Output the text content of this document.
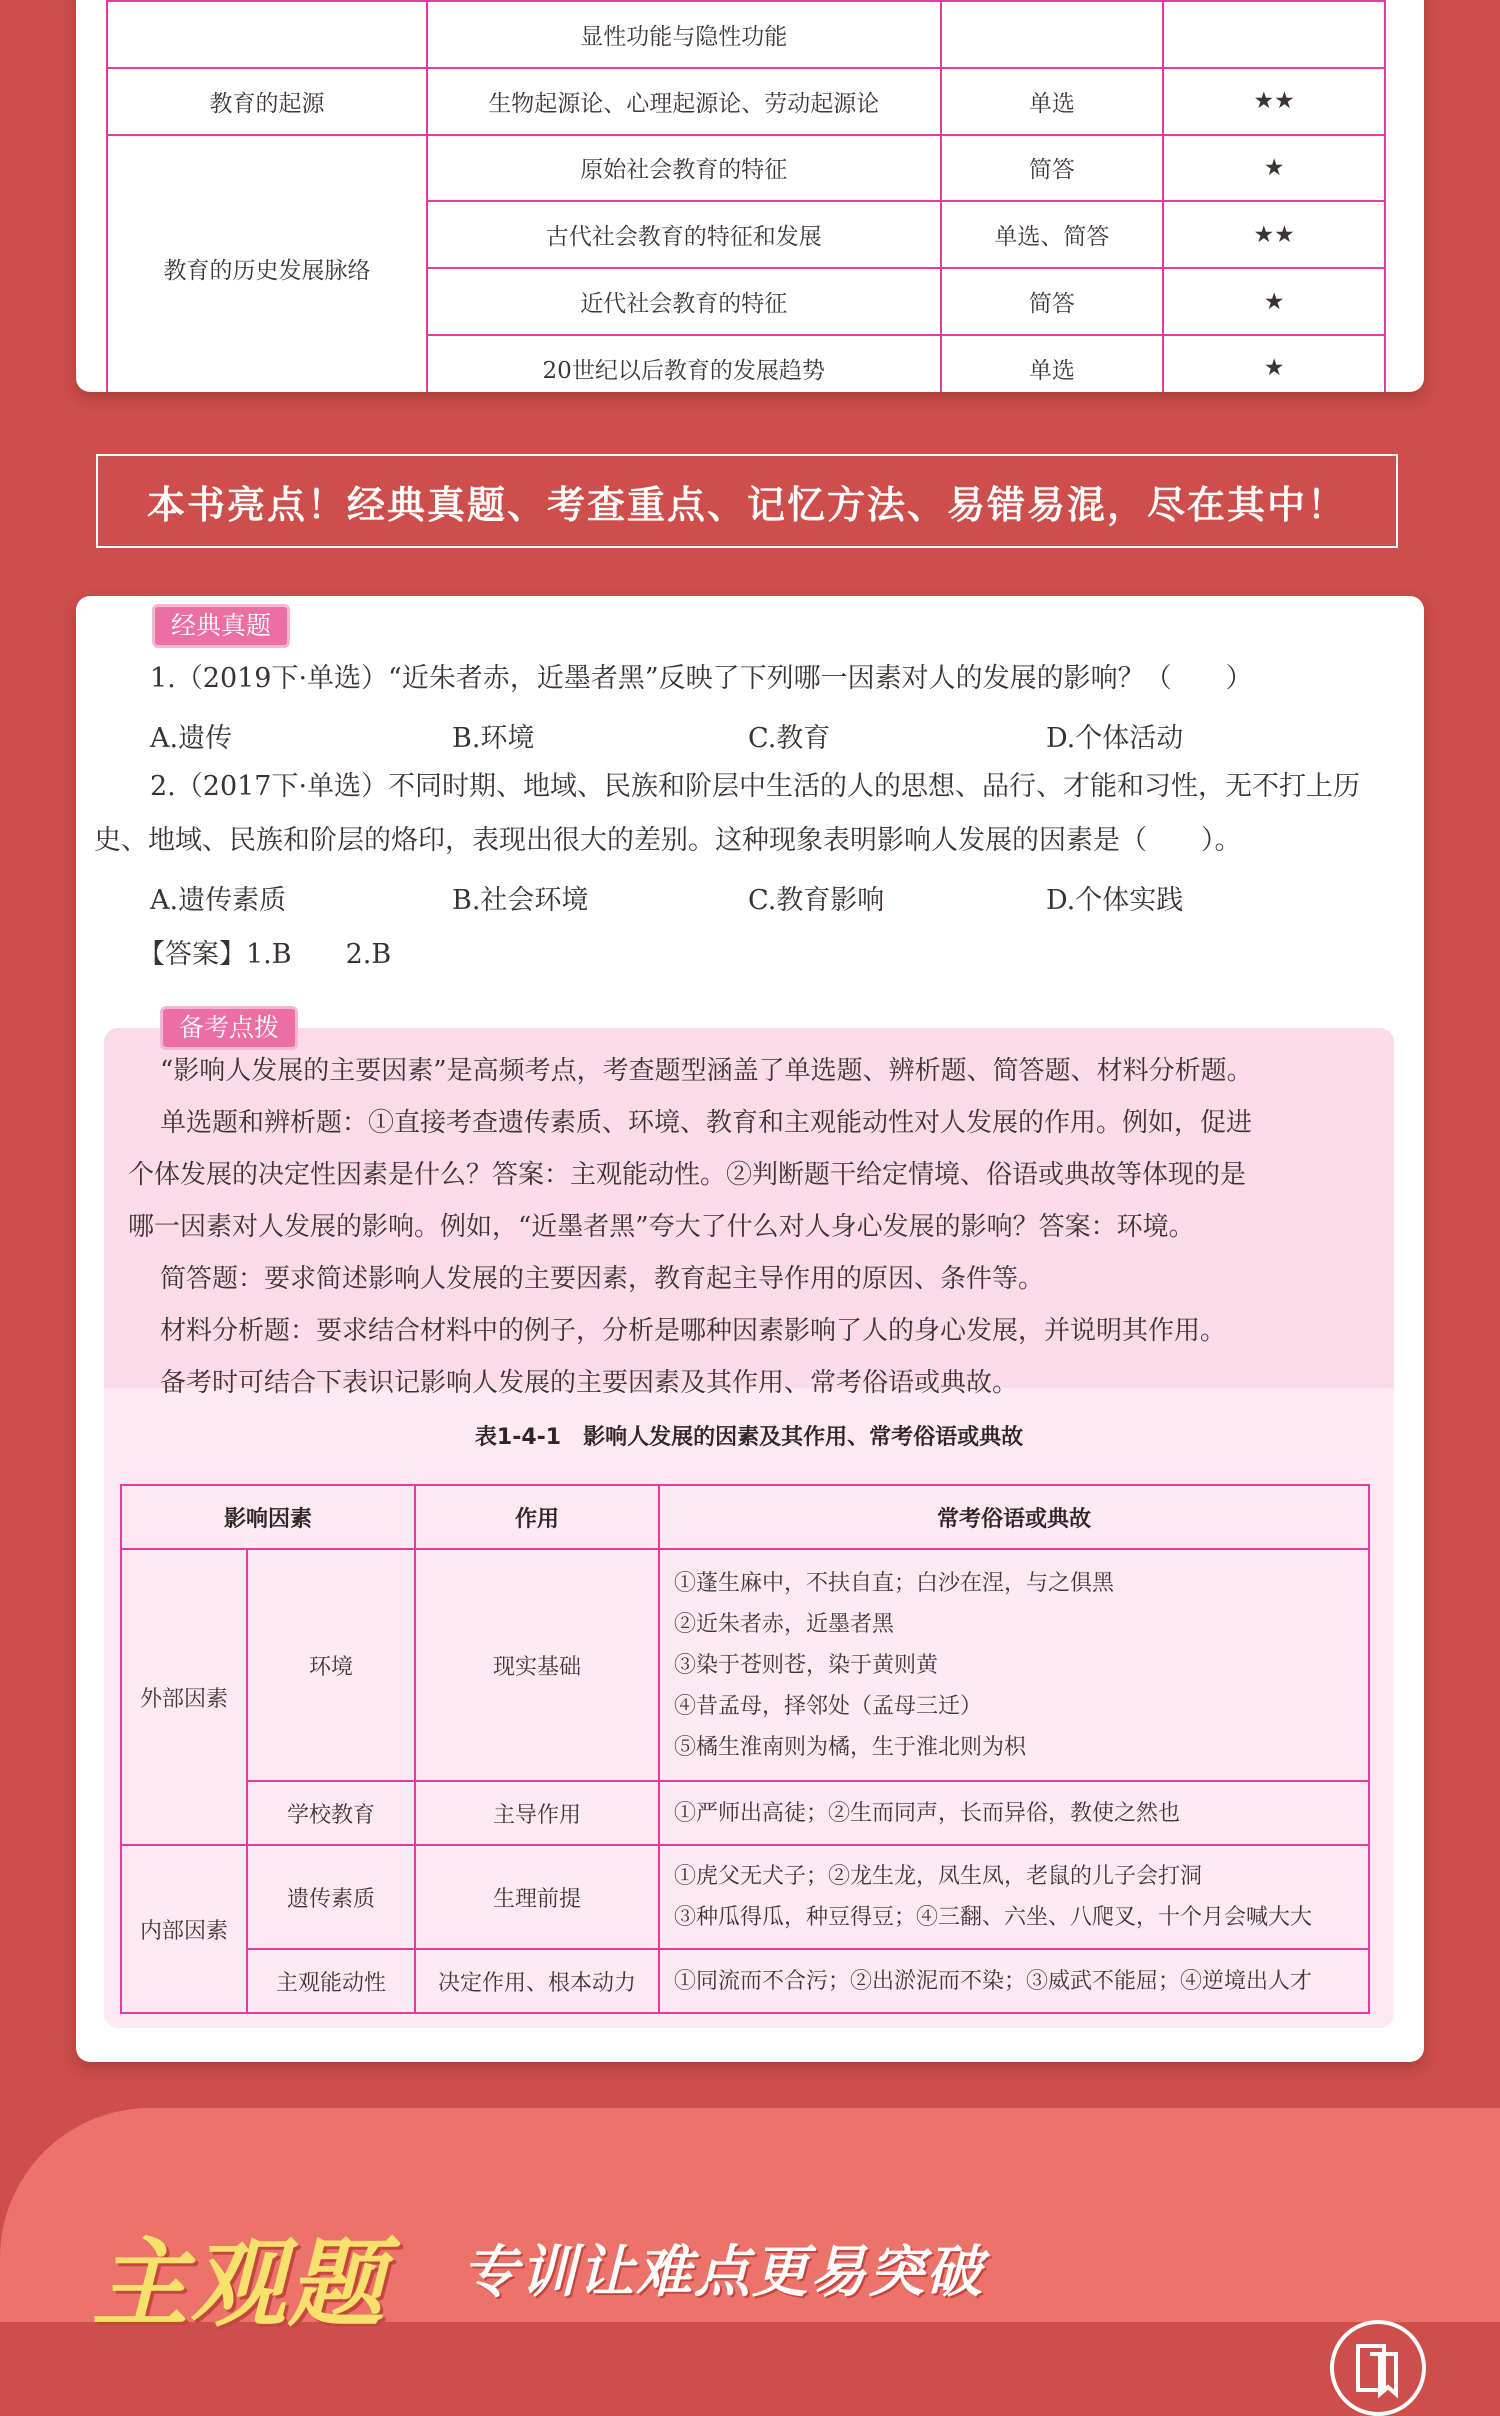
	显性功能与隐性功能		
教育的起源	生物起源论、心理起源论、劳动起源论	单选	★★
教育的历史发展脉络	原始社会教育的特征	简答	★
	古代社会教育的特征和发展	单选、简答	★★
	近代社会教育的特征	简答	★
	20世纪以后教育的发展趋势	单选	★
本书亮点！经典真题、考查重点、记忆方法、易错易混，尽在其中！
经典真题
1.（2019下·单选）“近朱者赤，近墨者黑”反映了下列哪一因素对人的发展的影响？（　　）
A.遗传	B.环境	C.教育	D.个体活动
2.（2017下·单选）不同时期、地域、民族和阶层中生活的人的思想、品行、才能和习性，无不打上历
史、地域、民族和阶层的烙印，表现出很大的差别。这种现象表明影响人发展的因素是（　　）。
A.遗传素质	B.社会环境	C.教育影响	D.个体实践
【答案】1.B　　2.B
备考点拨
“影响人发展的主要因素”是高频考点，考查题型涵盖了单选题、辨析题、简答题、材料分析题。
单选题和辨析题：①直接考查遗传素质、环境、教育和主观能动性对人发展的作用。例如，促进
个体发展的决定性因素是什么？答案：主观能动性。②判断题干给定情境、俗语或典故等体现的是
哪一因素对人发展的影响。例如，“近墨者黑”夸大了什么对人身心发展的影响？答案：环境。
简答题：要求简述影响人发展的主要因素，教育起主导作用的原因、条件等。
材料分析题：要求结合材料中的例子，分析是哪种因素影响了人的身心发展，并说明其作用。
备考时可结合下表识记影响人发展的主要因素及其作用、常考俗语或典故。
表1-4-1　影响人发展的因素及其作用、常考俗语或典故
影响因素		作用	常考俗语或典故
外部因素	环境	现实基础	①蓬生麻中，不扶自直；白沙在涅，与之俱黑
②近朱者赤，近墨者黑
③染于苍则苍，染于黄则黄
④昔孟母，择邻处（孟母三迁）
⑤橘生淮南则为橘，生于淮北则为枳

	学校教育	主导作用	①严师出高徒；②生而同声，长而异俗，教使之然也
内部因素	遗传素质	生理前提	①虎父无犬子；②龙生龙，凤生凤，老鼠的儿子会打洞
③种瓜得瓜，种豆得豆；④三翻、六坐、八爬叉，十个月会喊大大

	主观能动性	决定作用、根本动力	①同流而不合污；②出淤泥而不染；③威武不能屈；④逆境出人才
主观题 专训让难点更易突破
